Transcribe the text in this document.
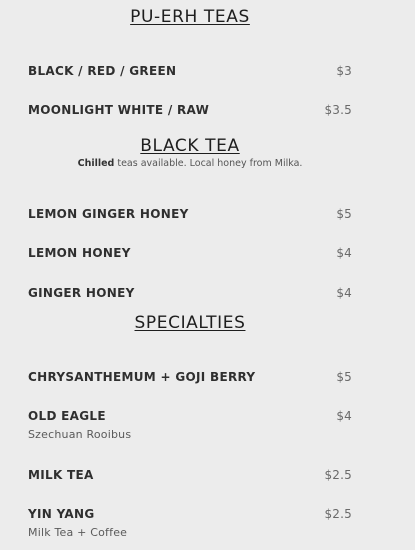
PU-ERH TEAS
BLACK / RED / GREEN	$3
MOONLIGHT WHITE / RAW	$3.5
BLACK TEA
Chilled teas available. Local honey from Milka.
LEMON GINGER HONEY	$5
LEMON HONEY	$4
GINGER HONEY	$4
SPECIALTIES
CHRYSANTHEMUM + GOJI BERRY	$5
OLD EAGLE	$4
Szechuan Rooibus
MILK TEA	$2.5
YIN YANG	$2.5
Milk Tea + Coffee
